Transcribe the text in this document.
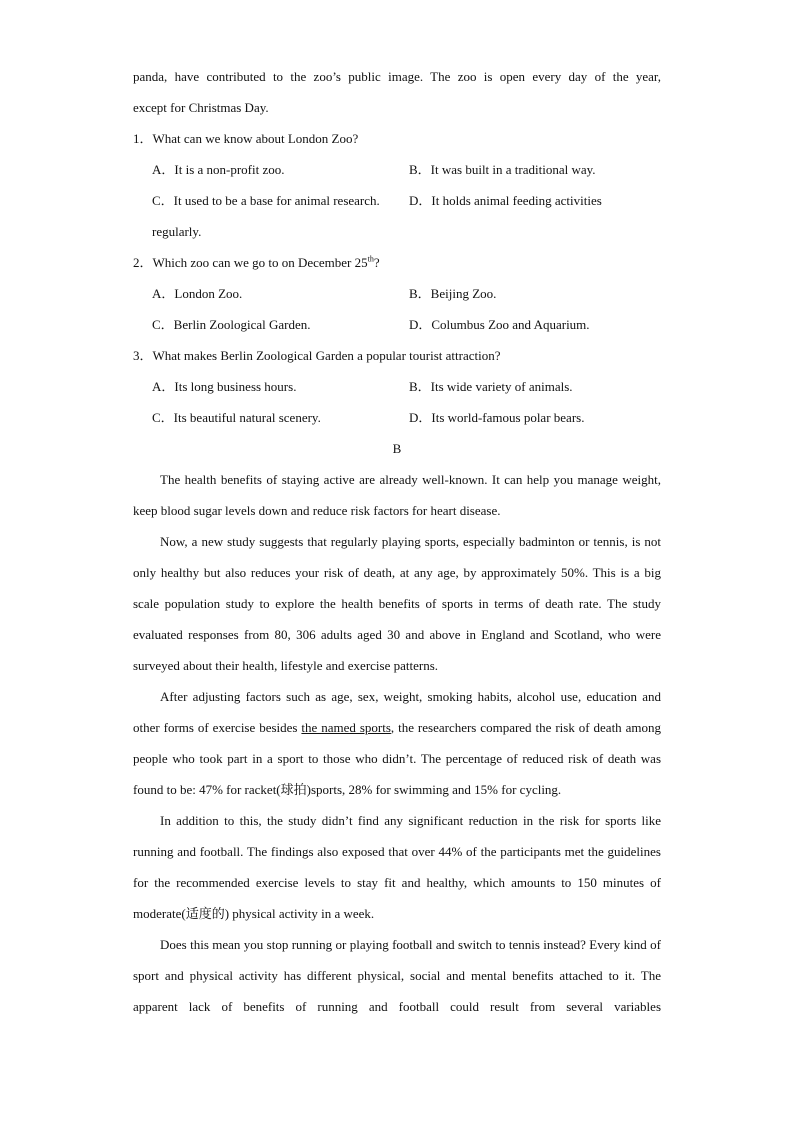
panda, have contributed to the zoo’s public image. The zoo is open every day of the year,

except for Christmas Day.

1．What can we know about London Zoo?

A．It is a non-profit zoo.	B．It was built in a traditional way.
C．It used to be a base for animal research.	D．It holds animal feeding activities

regularly.

2．Which zoo can we go to on December 25th?

A．London Zoo.	B．Beijing Zoo.
C．Berlin Zoological Garden.	D．Columbus Zoo and Aquarium.

3．What makes Berlin Zoological Garden a popular tourist attraction?

A．Its long business hours.	B．Its wide variety of animals.
C．Its beautiful natural scenery.	D．Its world-famous polar bears.

B

The health benefits of staying active are already well-known. It can help you manage weight, keep blood sugar levels down and reduce risk factors for heart disease.

Now, a new study suggests that regularly playing sports, especially badminton or tennis, is not only healthy but also reduces your risk of death, at any age, by approximately 50%. This is a big scale population study to explore the health benefits of sports in terms of death rate. The study evaluated responses from 80, 306 adults aged 30 and above in England and Scotland, who were surveyed about their health, lifestyle and exercise patterns.

After adjusting factors such as age, sex, weight, smoking habits, alcohol use, education and other forms of exercise besides the named sports, the researchers compared the risk of death among people who took part in a sport to those who didn’t. The percentage of reduced risk of death was found to be: 47% for racket(球拍)sports, 28% for swimming and 15% for cycling.

In addition to this, the study didn’t find any significant reduction in the risk for sports like running and football. The findings also exposed that over 44% of the participants met the guidelines for the recommended exercise levels to stay fit and healthy, which amounts to 150 minutes of moderate(适度的) physical activity in a week.

Does this mean you stop running or playing football and switch to tennis instead? Every kind of sport and physical activity has different physical, social and mental benefits attached to it. The apparent lack of benefits of running and football could result from several variables
